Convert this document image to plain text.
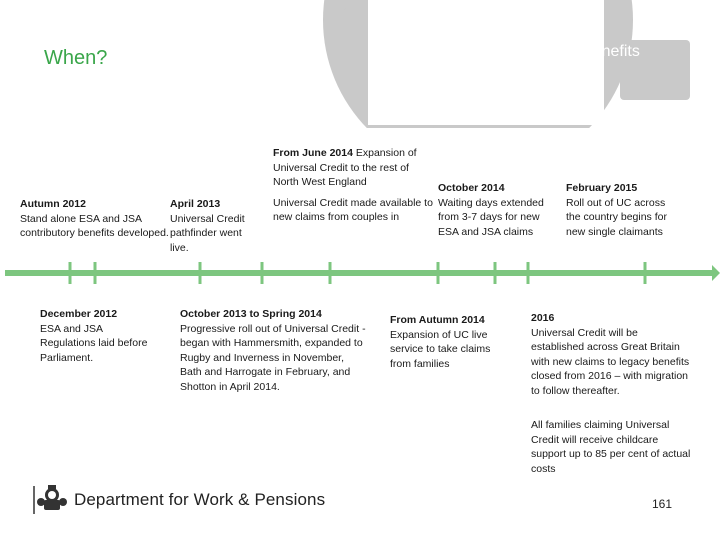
When?	Legacy Benefits
Autumn 2012
Stand alone ESA and JSA contributory benefits developed.
April 2013
Universal Credit pathfinder went live.
From June 2014 Expansion of Universal Credit to the rest of North West England
Universal Credit made available to new claims from couples in
October 2014
Waiting days extended from 3-7 days for new ESA and JSA claims
February 2015
Roll out of UC across the country begins for new single claimants
December 2012
ESA and JSA Regulations laid before Parliament.
October 2013 to Spring 2014
Progressive roll out of Universal Credit - began with Hammersmith, expanded to Rugby and Inverness in November, Bath and Harrogate in February, and Shotton in April 2014.
From Autumn 2014
Expansion of UC live service to take claims from families
2016
Universal Credit will be established across Great Britain with new claims to legacy benefits closed from 2016 – with migration to follow thereafter.
All families claiming Universal Credit will receive childcare support up to 85 per cent of actual costs
Department for Work & Pensions	161
